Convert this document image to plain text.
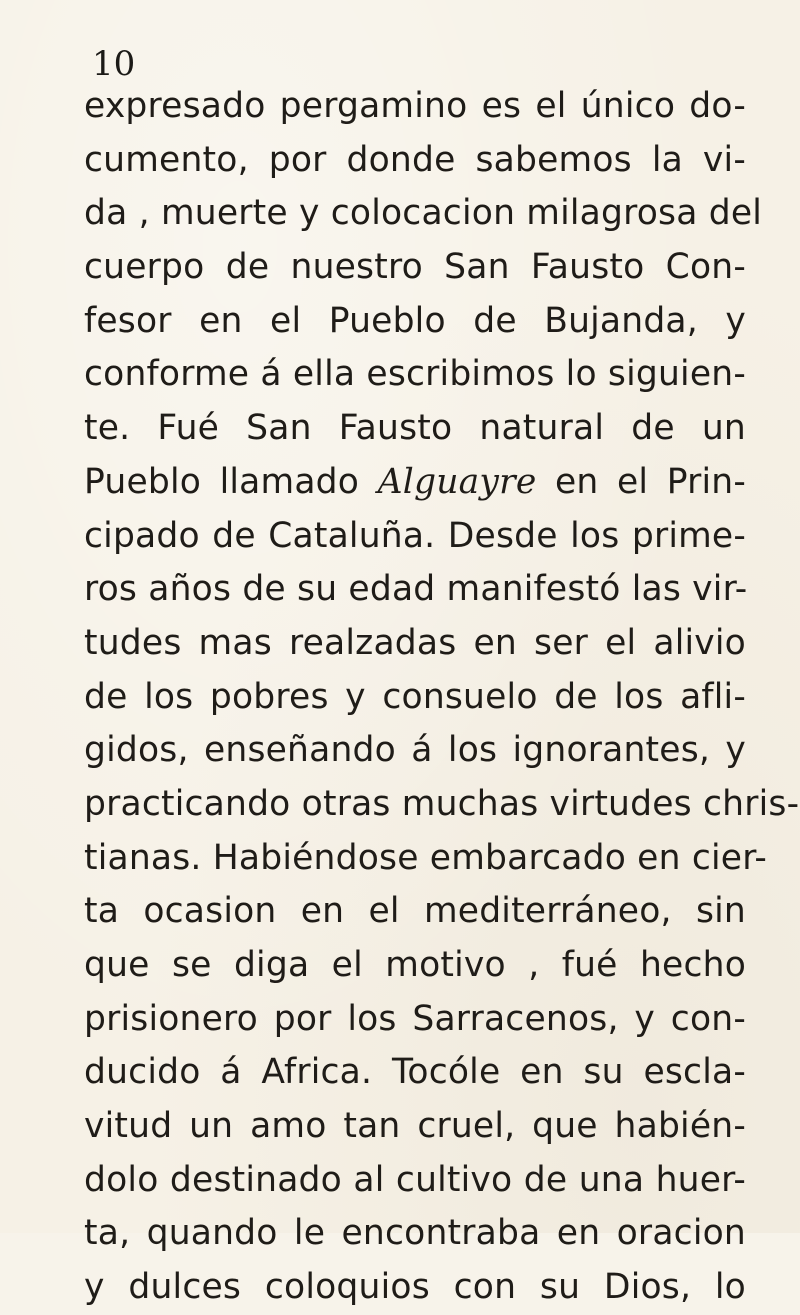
10
expresado pergamino es el único do-
cumento, por donde sabemos la vi-
da , muerte y colocacion milagrosa del
cuerpo de nuestro San Fausto Con-
fesor en el Pueblo de Bujanda, y
conforme á ella escribimos lo siguien-
te. Fué San Fausto natural de un
Pueblo llamado Alguayre en el Prin-
cipado de Cataluña. Desde los prime-
ros años de su edad manifestó las vir-
tudes mas realzadas en ser el alivio
de los pobres y consuelo de los afli-
gidos, enseñando á los ignorantes, y
practicando otras muchas virtudes chris-
tianas. Habiéndose embarcado en cier-
ta ocasion en el mediterráneo, sin
que se diga el motivo , fué hecho
prisionero por los Sarracenos, y con-
ducido á Africa. Tocóle en su escla-
vitud un amo tan cruel, que habién-
dolo destinado al cultivo de una huer-
ta, quando le encontraba en oracion
y dulces coloquios con su Dios, lo
